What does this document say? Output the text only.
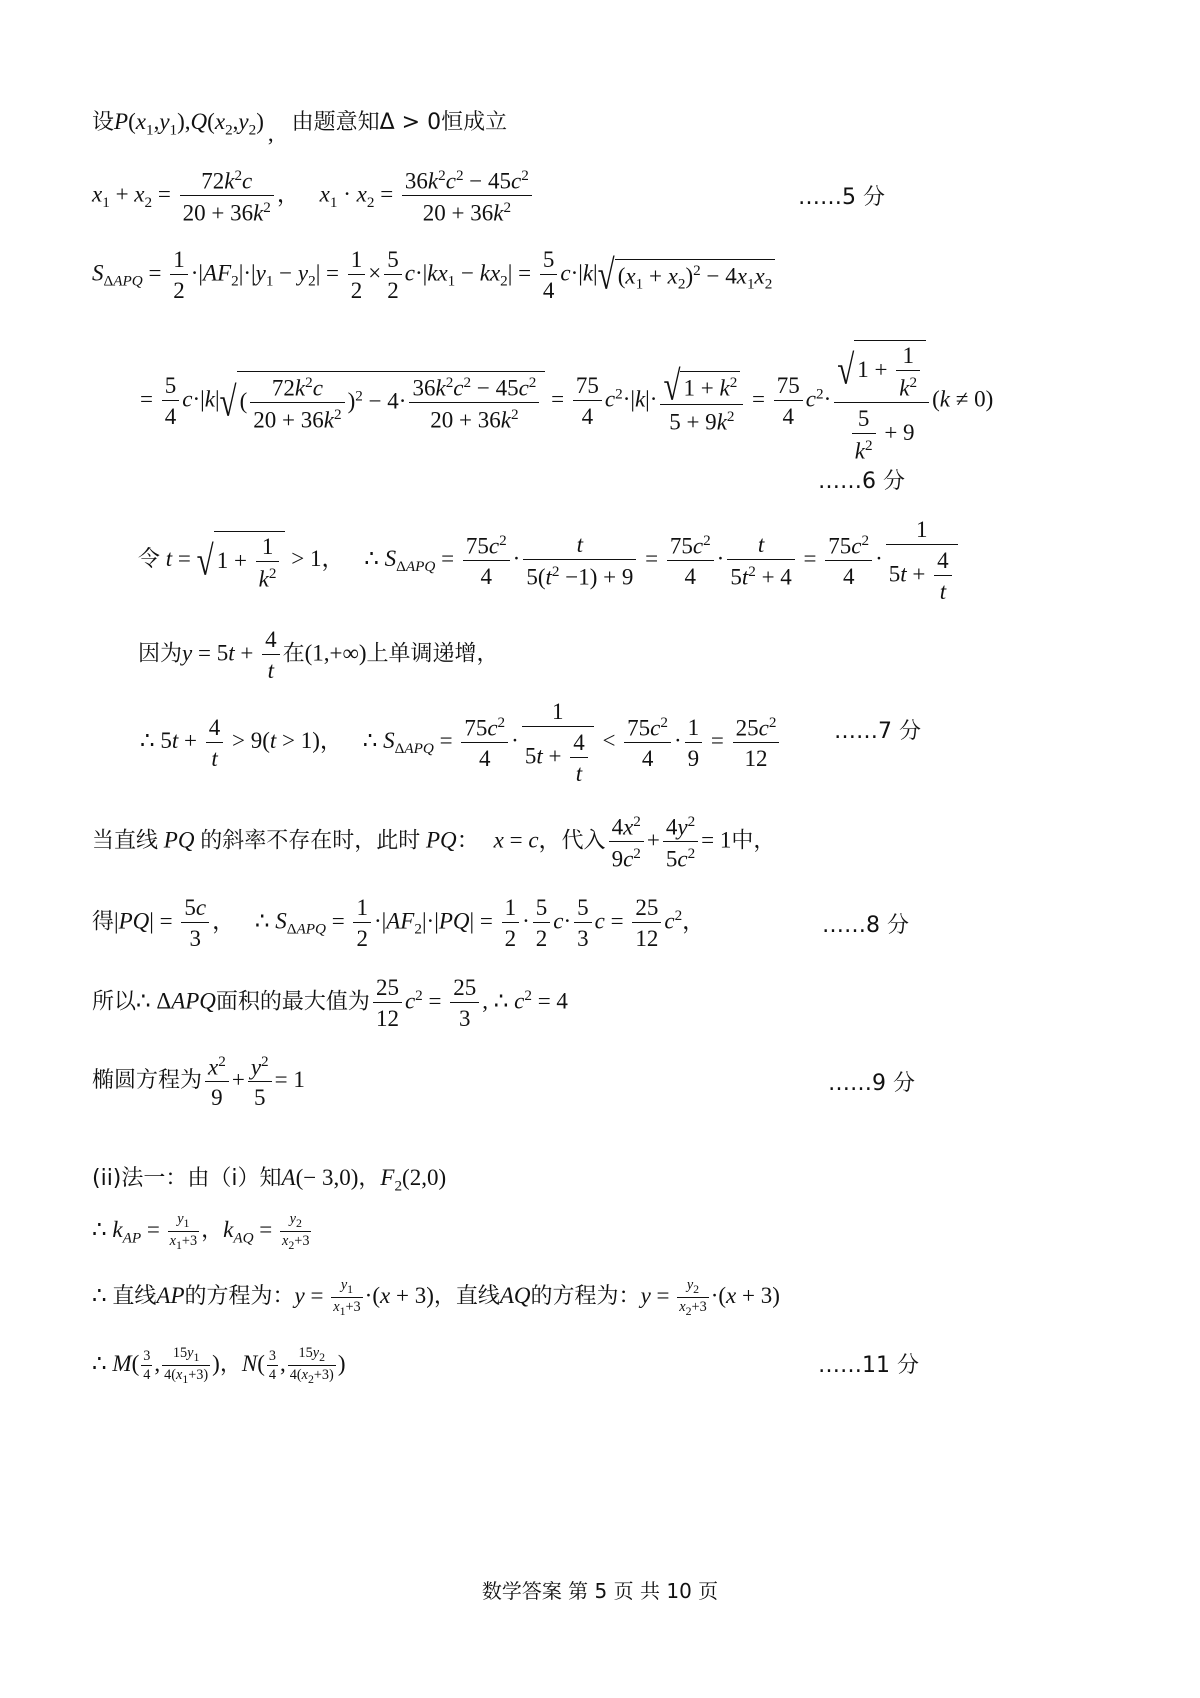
设$P(x_1,y_1),Q(x_2,y_2)$ , 由题意知Δ > 0恒成立
$x_1 + x_2 = \frac{72k^2c}{20 + 36k^2}$ ， $x_1 \cdot x_2 = \frac{36k^2c^2 - 45c^2}{20 + 36k^2}$	……5 分
$S_{\Delta APQ} = \frac{1}{2} \cdot|AF_2|\cdot|y_1 - y_2| = \frac{1}{2} \times \frac{5}{2} c\cdot|kx_1 - kx_2| = \frac{5}{4} c\cdot|k|√$ $(x_1 + x_2)^2 - 4x_1x_2$
= $\frac{5}{4} c\cdot|k|√$ ( $\frac{72k^2c}{20 + 36k^2} )^2 - 4\cdot \frac{36k^2c^2 - 45c^2}{20 + 36k^2} = \frac{75}{4} c^2\cdot|k|\cdot \frac{√ 1 + k^2}{5 + 9k^2} = \frac{75}{4} c^2\cdot \frac{√ 1 + \frac{1}{k^2}}{\frac{5}{k^2} + 9} (k \ne 0)$
……6 分
令 t = √ $1 + \frac{1}{k^2} > 1$， ∴ $S_{\Delta APQ} = \frac{75c^2}{4} \cdot \frac{t}{5(t^2 -1) + 9} = \frac{75c^2}{4} \cdot \frac{t}{5t^2 + 4} = \frac{75c^2}{4} \cdot \frac{1}{5t + \frac{4}{t}}$
因为$y = 5t + \frac{4}{t}$ 在(1,+∞)上单调递增，
∴ $5t + \frac{4}{t} > 9(t > 1)$， ∴ $S_{\Delta APQ} = \frac{75c^2}{4} \cdot \frac{1}{5t + \frac{4}{t}} < \frac{75c^2}{4} \cdot \frac{1}{9} = \frac{25c^2}{12}$ ……7 分
当直线 PQ 的斜率不存在时，此时 PQ： x = c，代入 $\frac{4x^2}{9c^2} + \frac{4y^2}{5c^2} = 1$中，
得$|PQ| = \frac{5c}{3}$ ， ∴ $S_{\Delta APQ} = \frac{1}{2} \cdot|AF_2|\cdot|PQ| = \frac{1}{2} \cdot \frac{5}{2} c\cdot \frac{5}{3}$ $c = \frac{25}{12} c^2$，	……8 分
所以∴ ΔAPQ面积的最大值为 $\frac{25}{12} c^2 = \frac{25}{3}$ , ∴ $c^2 = 4$
椭圆方程为 $\frac{x^2}{9} + \frac{y^2}{5} = 1$	……9 分
(ii)法一：由（i）知A(− 3,0)，$F_2(2,0)$
∴ $k_{AP} = \frac{y_1}{x_1+3}$ ，$k_{AQ} = \frac{y_2}{x_2+3}$
∴ 直线AP的方程为：$y = \frac{y_1}{x_1+3} \cdot(x + 3)$，直线AQ的方程为：$y = \frac{y_2}{x_2+3} \cdot(x + 3)$
∴ $M( \frac{3}{4}$ , $\frac{15y_1}{4(x_1+3)}$ )，$N( \frac{3}{4}$ , $\frac{15y_2}{4(x_2+3)}$ )	……11 分
数学答案 第 5 页 共 10 页
